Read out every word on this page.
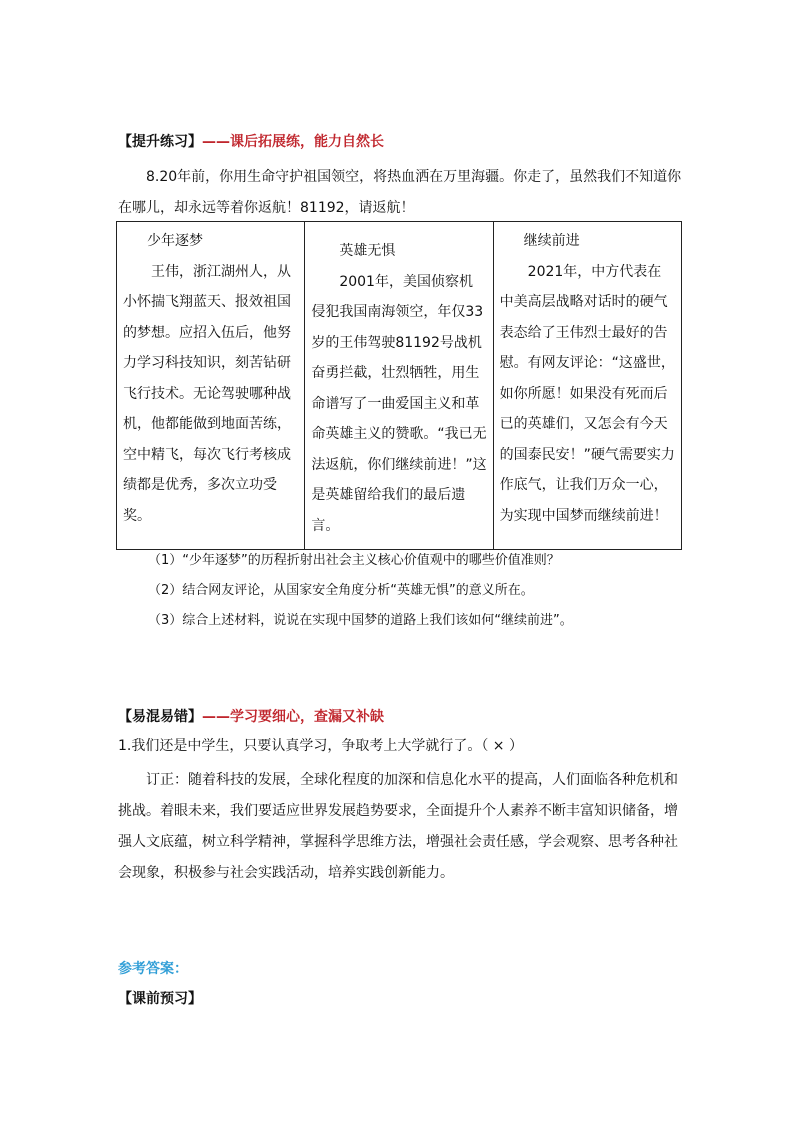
【提升练习】——课后拓展练，能力自然长
8.20年前，你用生命守护祖国领空，将热血洒在万里海疆。你走了，虽然我们不知道你在哪儿，却永远等着你返航！81192，请返航！
少年逐梦
王伟，浙江湖州人，从小怀揣飞翔蓝天、报效祖国的梦想。应招入伍后，他努力学习科技知识，刻苦钻研飞行技术。无论驾驶哪种战机，他都能做到地面苦练，空中精飞，每次飞行考核成绩都是优秀，多次立功受奖。

英雄无惧
2001年，美国侦察机侵犯我国南海领空，年仅33岁的王伟驾驶81192号战机奋勇拦截，壮烈牺牲，用生命谱写了一曲爱国主义和革命英雄主义的赞歌。“我已无法返航，你们继续前进！”这是英雄留给我们的最后遗言。

继续前进
2021年，中方代表在中美高层战略对话时的硬气表态给了王伟烈士最好的告慰。有网友评论：“这盛世，如你所愿！如果没有死而后已的英雄们，又怎会有今天的国泰民安！”硬气需要实力作底气，让我们万众一心，为实现中国梦而继续前进！
（1）“少年逐梦”的历程折射出社会主义核心价值观中的哪些价值准则？
（2）结合网友评论，从国家安全角度分析“英雄无惧”的意义所在。
（3）综合上述材料，说说在实现中国梦的道路上我们该如何“继续前进”。
【易混易错】——学习要细心，查漏又补缺
1.我们还是中学生，只要认真学习，争取考上大学就行了。（ × ）
订正：随着科技的发展，全球化程度的加深和信息化水平的提高，人们面临各种危机和挑战。着眼未来，我们要适应世界发展趋势要求，全面提升个人素养不断丰富知识储备，增强人文底蕴，树立科学精神，掌握科学思维方法，增强社会责任感，学会观察、思考各种社会现象，积极参与社会实践活动，培养实践创新能力。
参考答案：
【课前预习】
